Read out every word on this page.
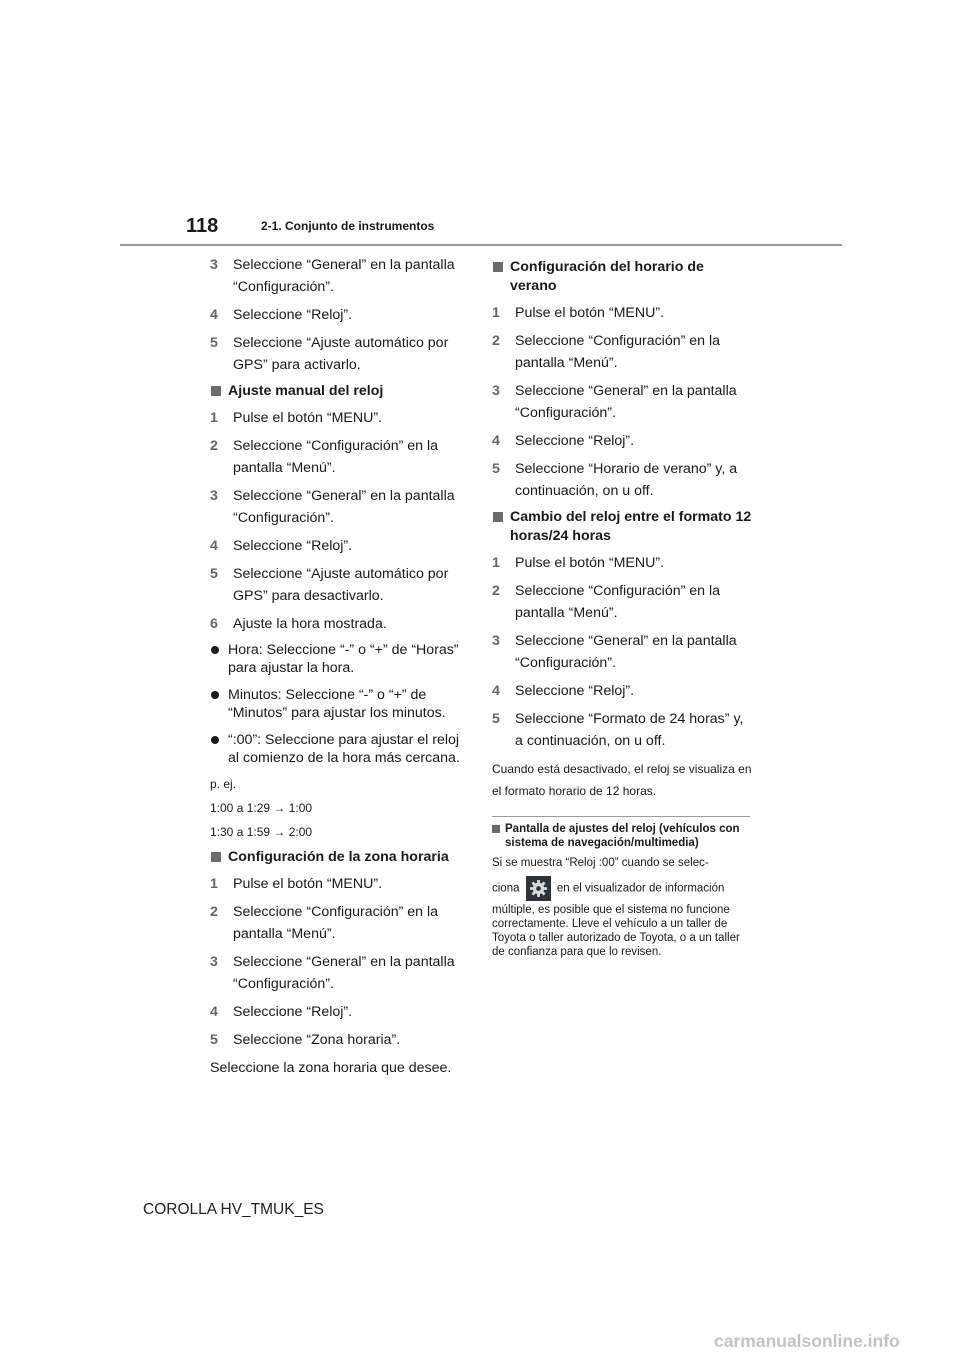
118	2-1. Conjunto de instrumentos
3 Seleccione “General” en la pantalla “Configuración”.
4 Seleccione “Reloj”.
5 Seleccione “Ajuste automático por GPS” para activarlo.
Ajuste manual del reloj
1 Pulse el botón “MENU”.
2 Seleccione “Configuración” en la pantalla “Menú”.
3 Seleccione “General” en la pantalla “Configuración”.
4 Seleccione “Reloj”.
5 Seleccione “Ajuste automático por GPS” para desactivarlo.
6 Ajuste la hora mostrada.
Hora: Seleccione “-” o “+” de “Horas” para ajustar la hora.
Minutos: Seleccione “-” o “+” de “Minutos” para ajustar los minutos.
“:00”: Seleccione para ajustar el reloj al comienzo de la hora más cercana.
p. ej.
1:00 a 1:29 → 1:00
1:30 a 1:59 → 2:00
Configuración de la zona horaria
1 Pulse el botón “MENU”.
2 Seleccione “Configuración” en la pantalla “Menú”.
3 Seleccione “General” en la pantalla “Configuración”.
4 Seleccione “Reloj”.
5 Seleccione “Zona horaria”.
Seleccione la zona horaria que desee.
Configuración del horario de verano
1 Pulse el botón “MENU”.
2 Seleccione “Configuración” en la pantalla “Menú”.
3 Seleccione “General” en la pantalla “Configuración”.
4 Seleccione “Reloj”.
5 Seleccione “Horario de verano” y, a continuación, on u off.
Cambio del reloj entre el formato 12 horas/24 horas
1 Pulse el botón “MENU”.
2 Seleccione “Configuración” en la pantalla “Menú”.
3 Seleccione “General” en la pantalla “Configuración”.
4 Seleccione “Reloj”.
5 Seleccione “Formato de 24 horas” y, a continuación, on u off.
Cuando está desactivado, el reloj se visualiza en el formato horario de 12 horas.
Pantalla de ajustes del reloj (vehículos con sistema de navegación/multimedia)
Si se muestra “Reloj :00” cuando se selec-
ciona	en el visualizador de información
múltiple, es posible que el sistema no funcione correctamente. Lleve el vehículo a un taller de Toyota o taller autorizado de Toyota, o a un taller de confianza para que lo revisen.
COROLLA HV_TMUK_ES
carmanualsonline.info
